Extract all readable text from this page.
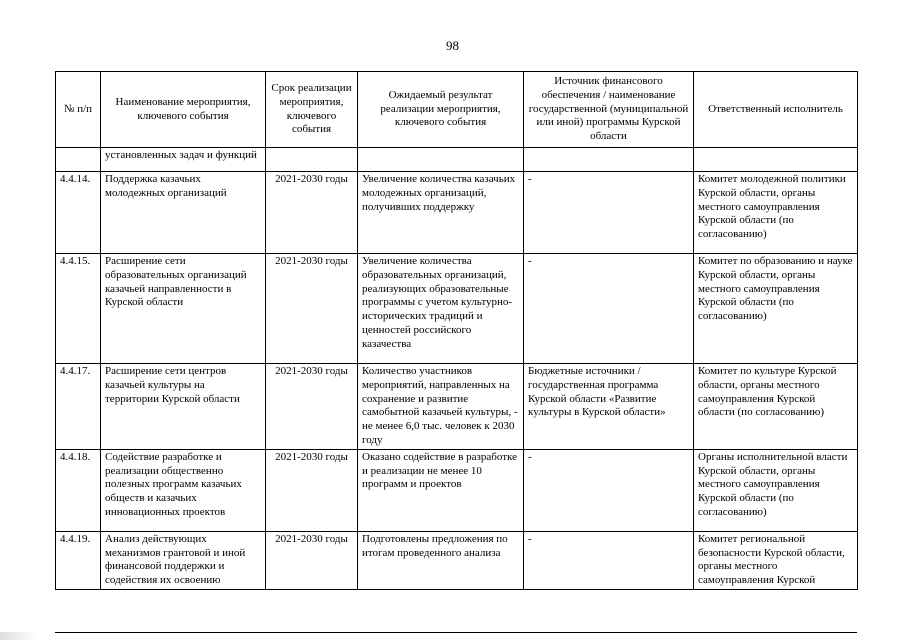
98
№ п/п	Наименование мероприятия, ключевого события	Срок реализации мероприятия, ключевого события	Ожидаемый результат реализации мероприятия, ключевого события	Источник финансового обеспечения / наименование государственной (муниципальной или иной) программы Курской области	Ответственный исполнитель
	установленных задач и функций				
4.4.14.	Поддержка казачьих молодежных организаций	2021-2030 годы	Увеличение количества казачьих молодежных организаций, получивших поддержку	-	Комитет молодежной политики Курской области, органы местного самоуправления Курской области (по согласованию)
4.4.15.	Расширение сети образовательных организаций казачьей направленности в Курской области	2021-2030 годы	Увеличение количества образовательных организаций, реализующих образовательные программы с учетом культурно-исторических традиций и ценностей российского казачества	-	Комитет по образованию и науке Курской области, органы местного самоуправления Курской области (по согласованию)
4.4.17.	Расширение сети центров казачьей культуры на территории Курской области	2021-2030 годы	Количество участников мероприятий, направленных на сохранение и развитие самобытной казачьей культуры, - не менее 6,0 тыс. человек к 2030 году	Бюджетные источники / государственная программа Курской области «Развитие культуры в Курской области»	Комитет по культуре Курской области, органы местного самоуправления Курской области (по согласованию)
4.4.18.	Содействие разработке и реализации общественно полезных программ казачьих обществ и казачьих инновационных проектов	2021-2030 годы	Оказано содействие в разработке и реализации не менее 10 программ и проектов	-	Органы исполнительной власти Курской области, органы местного самоуправления Курской области (по согласованию)
4.4.19.	Анализ действующих механизмов грантовой и иной финансовой поддержки и содействия их освоению	2021-2030 годы	Подготовлены предложения по итогам проведенного анализа	-	Комитет региональной безопасности Курской области, органы местного самоуправления Курской
